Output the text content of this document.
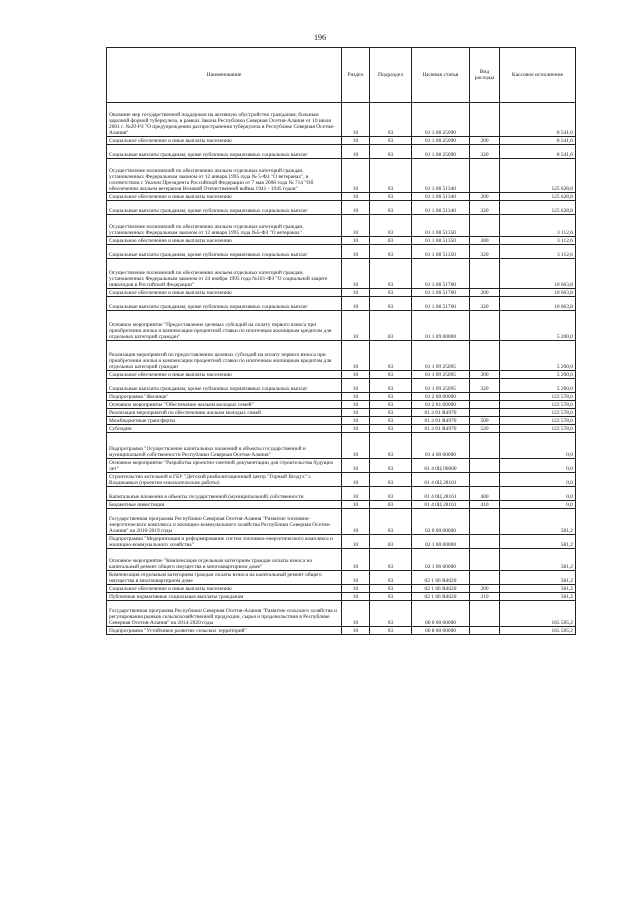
196
Наименование	Раздел	Подраздел	Целевая статья	Вид расходы	Кассовое исполнение
Оказание мер государственной поддержки на активную обустройство гражданам, больным заразной формой туберкулеза, в рамках Закона Республики Северная Осетия-Алания от 10 июля 2001 г. №29-РЗ "О предупреждении распространения туберкулеза в Республике Северная Осетия-Алания"	10	03	01 1 08 25090		8 541,6
Социальное обеспечение и иные выплаты населению	10	03	01 1 08 25090	300	8 541,6
Социальные выплаты гражданам, кроме публичных нормативных социальных выплат	10	03	01 1 08 25090	320	8 541,6
Осуществление полномочий по обеспечению жильем отдельных категорий граждан, установленных Федеральным законом от 12 января 1995 года № 5-ФЗ "О ветеранах", в соответствии с Указом Президента Российской Федерации от 7 мая 2008 года № 714 "Об обеспечении жильем ветеранов Великой Отечественной войны 1941 - 1945 годов"	10	03	01 1 08 51340		125 628,8
Социальное обеспечение и иные выплаты населению	10	03	01 1 08 51340	300	125 628,8
Социальные выплаты гражданам, кроме публичных нормативных социальных выплат	10	03	01 1 08 51340	320	125 628,8
Осуществление полномочий по обеспечению жильем отдельных категорий граждан, установленных Федеральным законом от 12 января 1995 года №5-ФЗ "О ветеранах"	10	03	01 1 08 51350		3 112,6
Социальное обеспечение и иные выплаты населению	10	03	01 1 08 51350	300	3 112,6
Социальные выплаты гражданам, кроме публичных нормативных социальных выплат	10	03	01 1 08 51350	320	3 112,6
Осуществление полномочий по обеспечению жильем отдельных категорий граждан, установленных Федеральным законом от 24 ноября 1995 года №181-ФЗ "О социальной защите инвалидов в Российской Федерации"	10	03	01 1 08 51760		10 663,8
Социальное обеспечение и иные выплаты населению	10	03	01 1 08 51760	300	10 663,8
Социальные выплаты гражданам, кроме публичных нормативных социальных выплат	10	03	01 1 08 51760	320	10 663,8
Основное мероприятие "Предоставление целевых субсидий на оплату первого взноса при приобретении жилья и компенсации процентной ставки по ипотечным жилищным кредитам для отдельных категорий граждан"	10	03	01 1 09 00000		5 200,0
Реализация мероприятий по предоставлению целевых субсидий на оплату первого взноса при приобретении жилья и компенсации процентной ставки по ипотечным жилищным кредитам для отдельных категорий граждан	10	03	01 1 09 25095		5 200,0
Социальное обеспечение и иные выплаты населению	10	03	01 1 09 25095	300	5 200,0
Социальные выплаты гражданам, кроме публичных нормативных социальных выплат	10	03	01 1 09 25095	320	5 200,0
Подпрограмма "Жилище"	10	03	01 2 00 00000		122 578,0
Основное мероприятие "Обеспечение жильем молодых семей"	10	03	01 2 01 00000		122 578,0
Реализация мероприятий по обеспечению жильем молодых семей	10	03	01 2 01 R4970		122 578,0
Межбюджетные трансферты	10	03	01 2 01 R4970	500	122 578,0
Субсидии	10	03	01 2 01 R4970	520	122 578,0
Подпрограмма "Осуществление капитальных вложений в объекты государственной и муниципальной собственности Республики Северная Осетия-Алания"	10	03	01 4 00 00000		0,0
Основное мероприятие "Разработка проектно-сметной документации для строительства будущих лет"	10	03	01 4 0Ц 00000		0,0
Строительство котельной в ГБУ "Детский реабилитационный центр "Горный Воздух" г. Владикавказ (проектно-изыскательские работы)	10	03	01 4 0Ц 28161		0,0
Капитальные вложения в объекты государственной (муниципальной) собственности	10	03	01 4 0Ц 28161	400	0,0
Бюджетные инвестиции	10	03	01 4 0Ц 28161	410	0,0
Государственная программа Республики Северная Осетия-Алания "Развитие топливно-энергетического комплекса и жилищно-коммунального хозяйства Республики Северная Осетия-Алания" на 2016-2019 годы	10	03	02 0 00 00000		581,2
Подпрограмма "Модернизация и реформирование систем топливно-энергетического комплекса и жилищно-коммунального хозяйства"	10	03	02 1 00 00000		581,2
Основное мероприятие "Компенсация отдельным категориям граждан оплаты взноса на капитальный ремонт общего имущества в многоквартирном доме"	10	03	02 1 06 00000		581,2
Компенсация отдельным категориям граждан оплаты взноса на капитальный ремонт общего имущества в многоквартирном доме	10	03	02 1 06 R4620		581,2
Социальное обеспечение и иные выплаты населению	10	03	02 1 06 R4620	300	581,2
Публичные нормативные социальные выплаты гражданам	10	03	02 1 06 R4620	310	581,2
Государственная программа Республики Северная Осетия-Алания "Развитие сельского хозяйства и регулирования рынков сельскохозяйственной продукции, сырья и продовольствия в Республике Северная Осетия-Алания" на 2014-2020 годы	10	03	06 0 00 00000		165 505,2
Подпрограмма "Устойчивое развитие сельских территорий"	10	03	06 8 00 00000		165 505,2
